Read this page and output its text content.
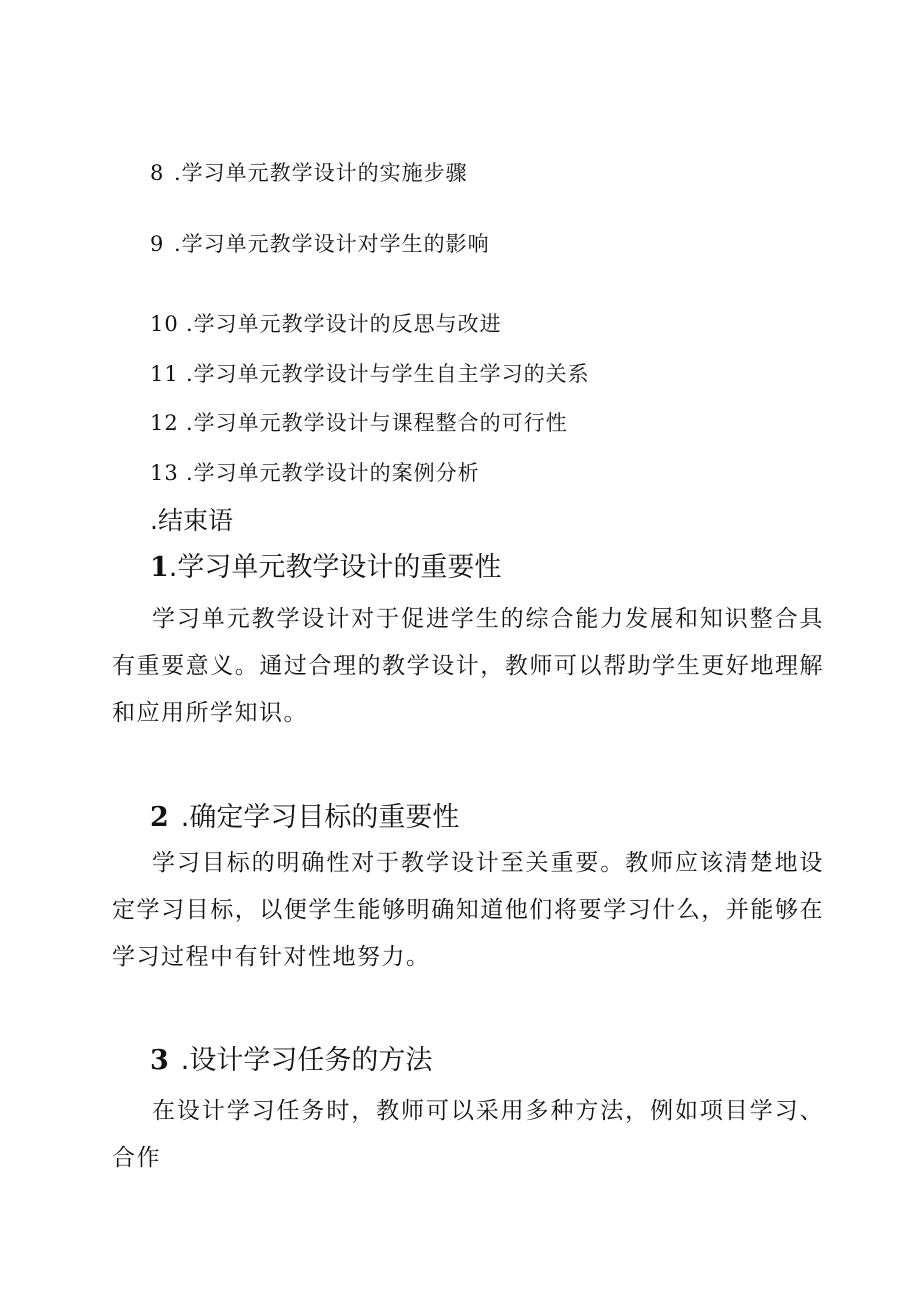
8 .学习单元教学设计的实施步骤
9 .学习单元教学设计对学生的影响
10 .学习单元教学设计的反思与改进
11 .学习单元教学设计与学生自主学习的关系
12 .学习单元教学设计与课程整合的可行性
13 .学习单元教学设计的案例分析
.结束语
1.学习单元教学设计的重要性
学习单元教学设计对于促进学生的综合能力发展和知识整合具有重要意义。通过合理的教学设计，教师可以帮助学生更好地理解和应用所学知识。
2 .确定学习目标的重要性
学习目标的明确性对于教学设计至关重要。教师应该清楚地设定学习目标，以便学生能够明确知道他们将要学习什么，并能够在学习过程中有针对性地努力。
3 .设计学习任务的方法
在设计学习任务时，教师可以采用多种方法，例如项目学习、合作
